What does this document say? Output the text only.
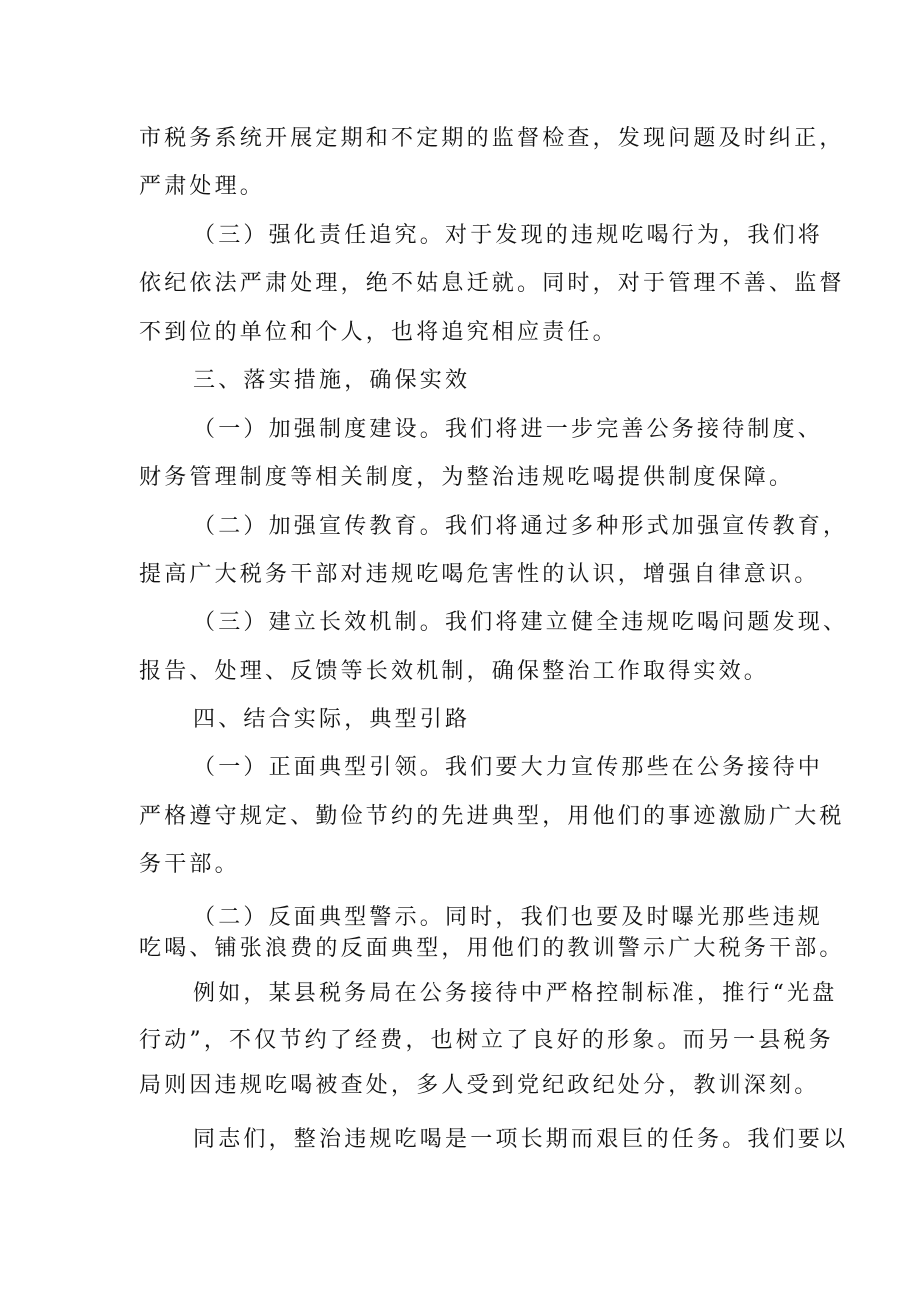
市税务系统开展定期和不定期的监督检查，发现问题及时纠正，
严肃处理。
（三）强化责任追究。对于发现的违规吃喝行为，我们将
依纪依法严肃处理，绝不姑息迁就。同时，对于管理不善、监督
不到位的单位和个人，也将追究相应责任。
三、落实措施，确保实效
（一）加强制度建设。我们将进一步完善公务接待制度、
财务管理制度等相关制度，为整治违规吃喝提供制度保障。
（二）加强宣传教育。我们将通过多种形式加强宣传教育，
提高广大税务干部对违规吃喝危害性的认识，增强自律意识。
（三）建立长效机制。我们将建立健全违规吃喝问题发现、
报告、处理、反馈等长效机制，确保整治工作取得实效。
四、结合实际，典型引路
（一）正面典型引领。我们要大力宣传那些在公务接待中
严格遵守规定、勤俭节约的先进典型，用他们的事迹激励广大税
务干部。
（二）反面典型警示。同时，我们也要及时曝光那些违规
吃喝、铺张浪费的反面典型，用他们的教训警示广大税务干部。
例如，某县税务局在公务接待中严格控制标准，推行“光盘
行动”，不仅节约了经费，也树立了良好的形象。而另一县税务
局则因违规吃喝被查处，多人受到党纪政纪处分，教训深刻。
同志们，整治违规吃喝是一项长期而艰巨的任务。我们要以
